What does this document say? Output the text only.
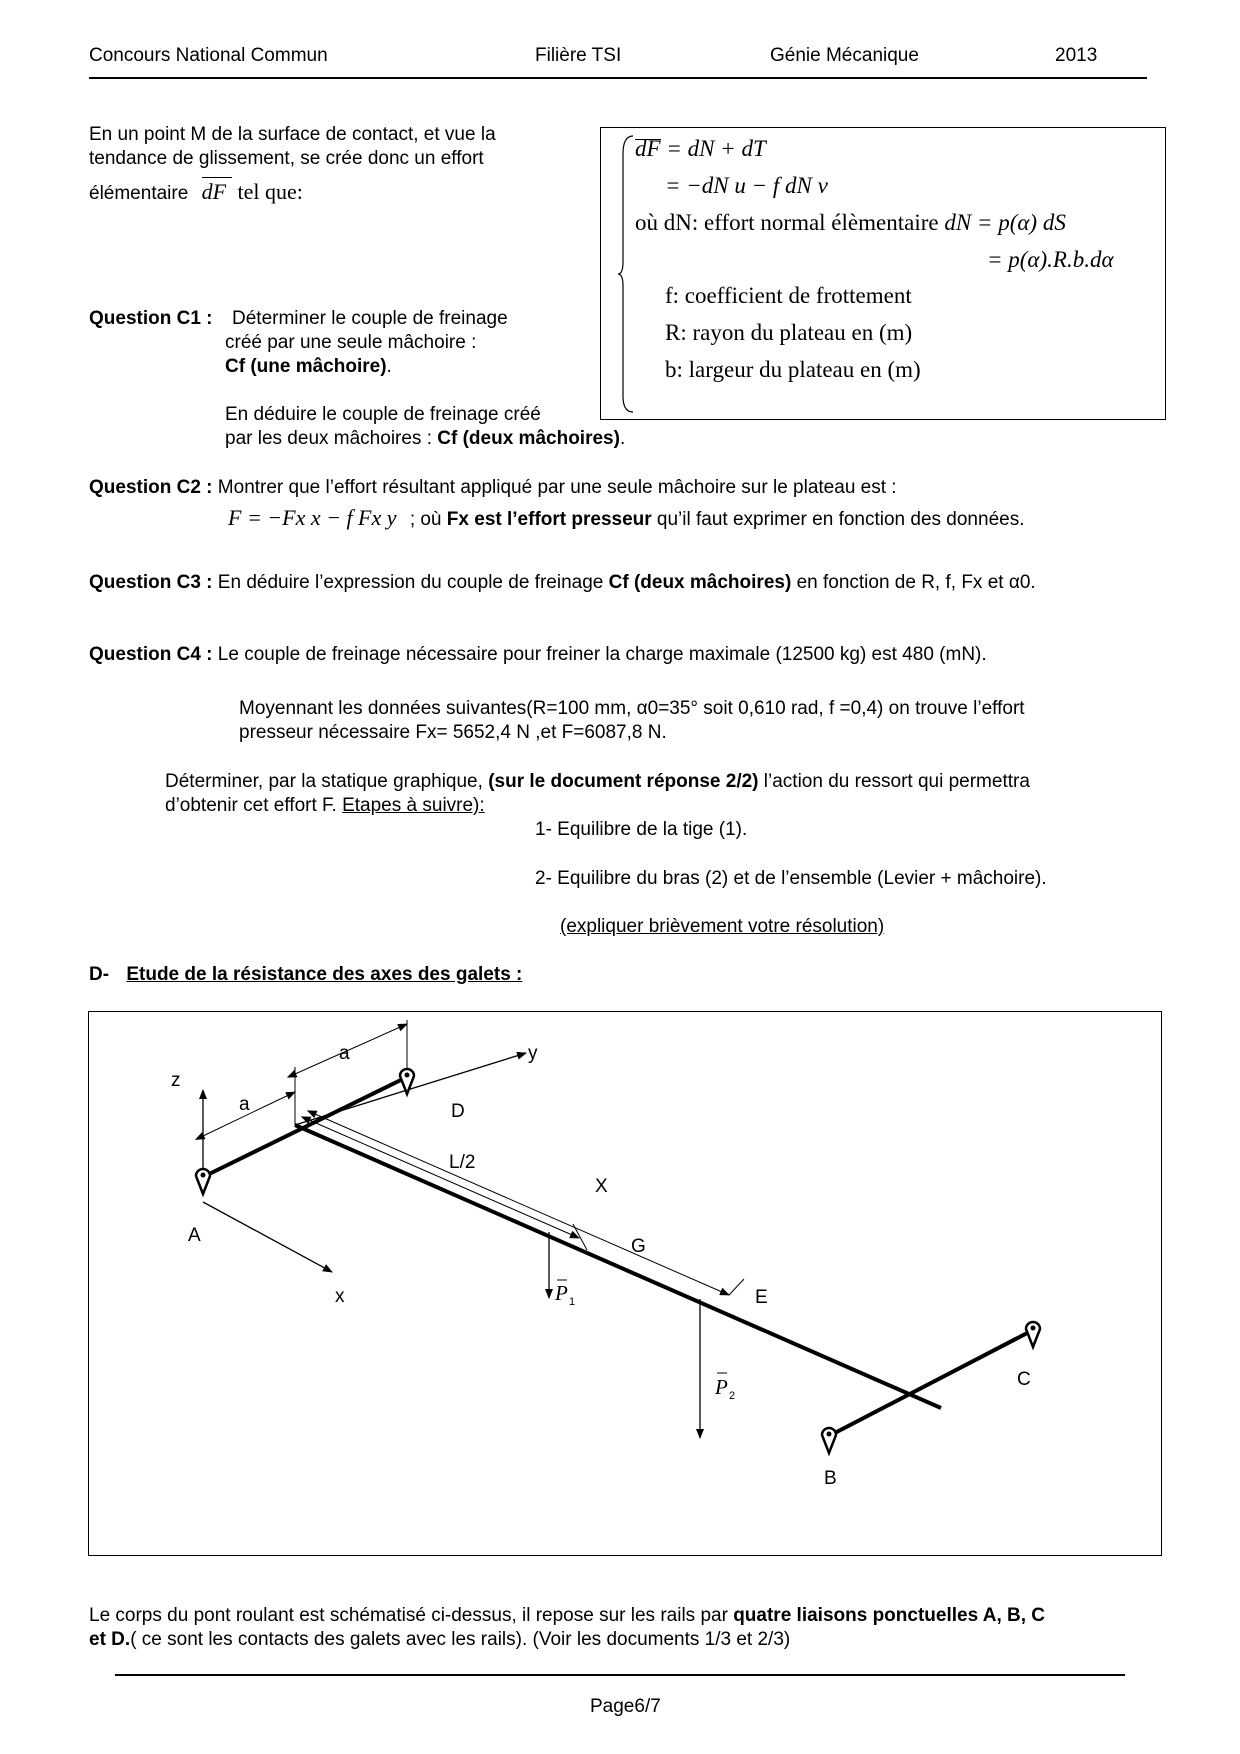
Concours National Commun	Filière TSI	Génie Mécanique	2013
En un point M de la surface de contact, et vue la
tendance de glissement, se crée donc un effort
élémentaire dF tel que:
dF = dN + dT
= −dN u − f dN v
où dN: effort normal élèmentaire dN = p(α) dS
= p(α).R.b.dα
f: coefficient de frottement
R: rayon du plateau en (m)
b: largeur du plateau en (m)
Question C1 : Déterminer le couple de freinage
créé par une seule mâchoire :
Cf (une mâchoire).
En déduire le couple de freinage créé
par les deux mâchoires : Cf (deux mâchoires).
Question C2 : Montrer que l’effort résultant appliqué par une seule mâchoire sur le plateau est :
F = −Fx x − f Fx y ; où Fx est l’effort presseur qu’il faut exprimer en fonction des données.
Question C3 : En déduire l’expression du couple de freinage Cf (deux mâchoires) en fonction de R, f, Fx et α0.
Question C4 : Le couple de freinage nécessaire pour freiner la charge maximale (12500 kg) est 480 (mN).
Moyennant les données suivantes(R=100 mm, α0=35° soit 0,610 rad, f =0,4) on trouve l’effort
presseur nécessaire Fx= 5652,4 N ,et F=6087,8 N.
Déterminer, par la statique graphique, (sur le document réponse 2/2) l’action du ressort qui permettra
d’obtenir cet effort F. Etapes à suivre):
1- Equilibre de la tige (1).
2- Equilibre du bras (2) et de l’ensemble (Levier + mâchoire).
(expliquer brièvement votre résolution)
D- Etude de la résistance des axes des galets :
z
y
x
a
a
D
A
L/2
X
G
E
C
B
P 1
P 2
Le corps du pont roulant est schématisé ci-dessus, il repose sur les rails par quatre liaisons ponctuelles A, B, C
et D.( ce sont les contacts des galets avec les rails). (Voir les documents 1/3 et 2/3)
Page6/7
